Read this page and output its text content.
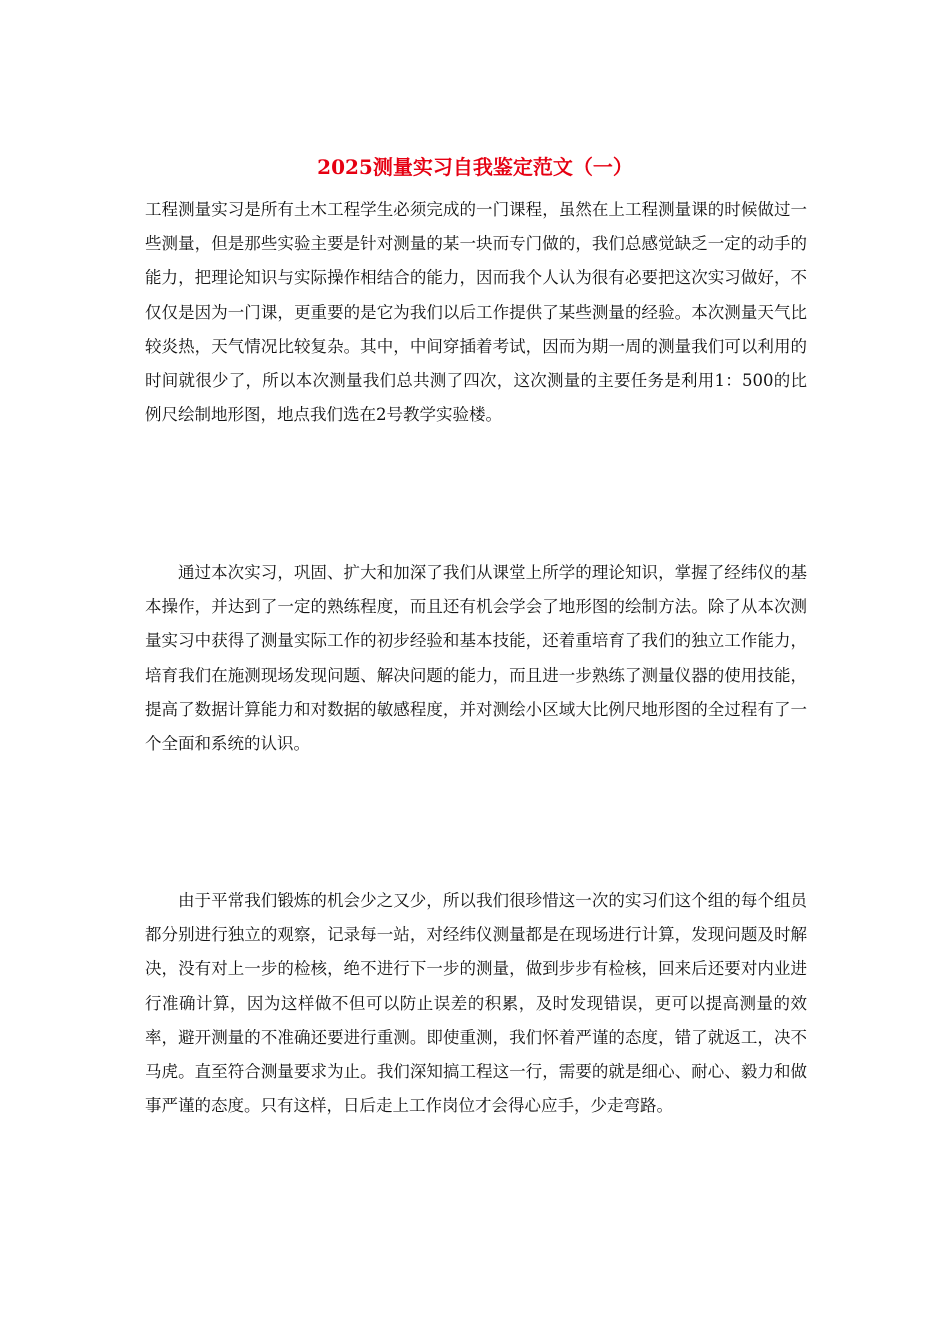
2025测量实习自我鉴定范文（一）

工程测量实习是所有土木工程学生必须完成的一门课程，虽然在上工程测量课的时候做过一些测量，但是那些实验主要是针对测量的某一块而专门做的，我们总感觉缺乏一定的动手的能力，把理论知识与实际操作相结合的能力，因而我个人认为很有必要把这次实习做好，不仅仅是因为一门课，更重要的是它为我们以后工作提供了某些测量的经验。本次测量天气比较炎热，天气情况比较复杂。其中，中间穿插着考试，因而为期一周的测量我们可以利用的时间就很少了，所以本次测量我们总共测了四次，这次测量的主要任务是利用1：500的比例尺绘制地形图，地点我们选在2号教学实验楼。

通过本次实习，巩固、扩大和加深了我们从课堂上所学的理论知识，掌握了经纬仪的基本操作，并达到了一定的熟练程度，而且还有机会学会了地形图的绘制方法。除了从本次测量实习中获得了测量实际工作的初步经验和基本技能，还着重培育了我们的独立工作能力，培育我们在施测现场发现问题、解决问题的能力，而且进一步熟练了测量仪器的使用技能，提高了数据计算能力和对数据的敏感程度，并对测绘小区域大比例尺地形图的全过程有了一个全面和系统的认识。

由于平常我们锻炼的机会少之又少，所以我们很珍惜这一次的实习们这个组的每个组员都分别进行独立的观察，记录每一站，对经纬仪测量都是在现场进行计算，发现问题及时解决，没有对上一步的检核，绝不进行下一步的测量，做到步步有检核，回来后还要对内业进行准确计算，因为这样做不但可以防止误差的积累，及时发现错误，更可以提高测量的效率，避开测量的不准确还要进行重测。即使重测，我们怀着严谨的态度，错了就返工，决不马虎。直至符合测量要求为止。我们深知搞工程这一行，需要的就是细心、耐心、毅力和做事严谨的态度。只有这样，日后走上工作岗位才会得心应手，少走弯路。
